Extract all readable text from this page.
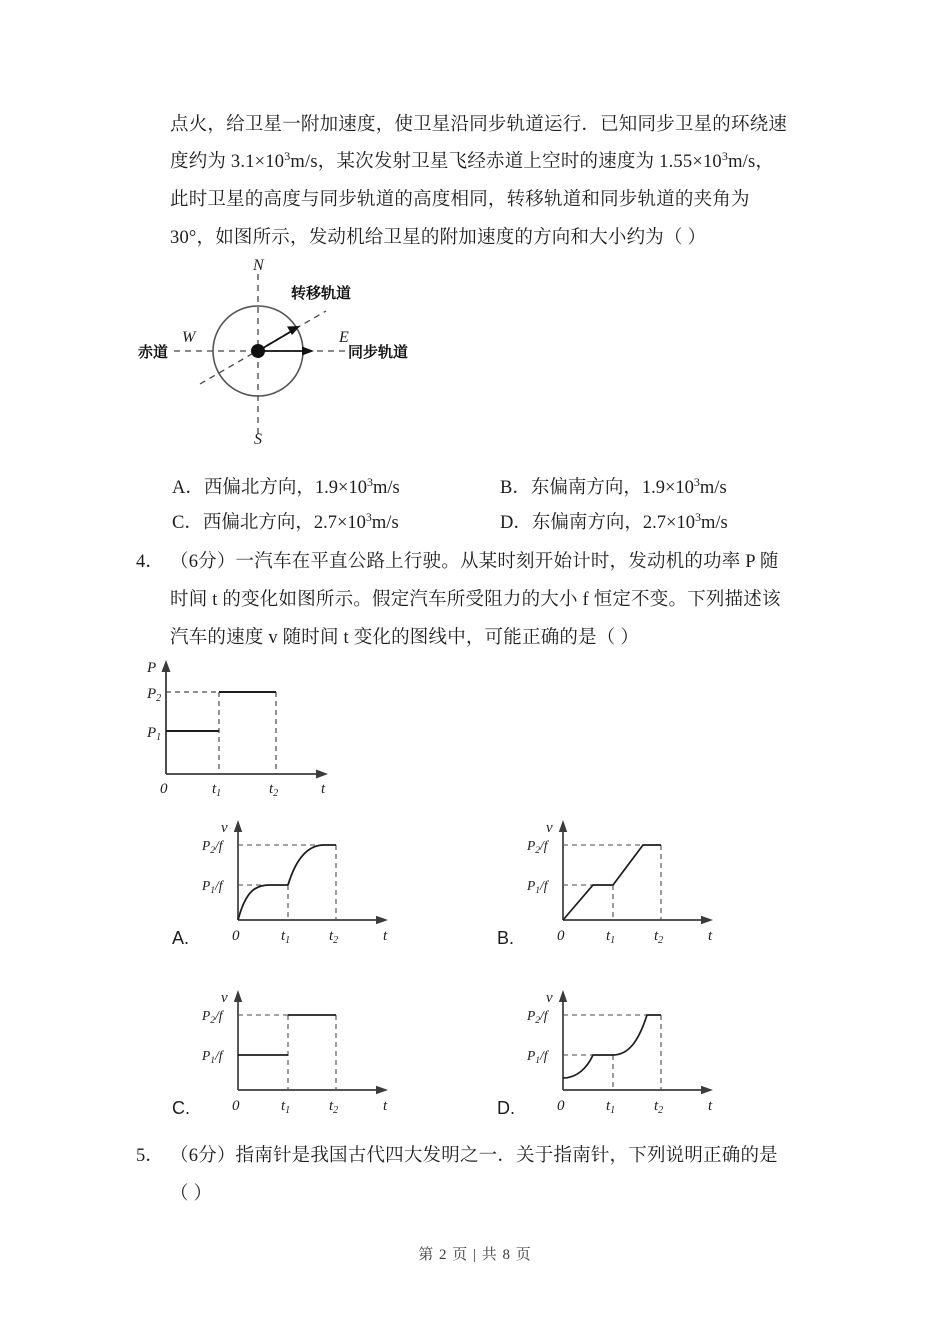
点火，给卫星一附加速度，使卫星沿同步轨道运行．已知同步卫星的环绕速
度约为 $3.1\times 10^3m/s$，某次发射卫星飞经赤道上空时的速度为 $1.55\times 10^3m/s$，
此时卫星的高度与同步轨道的高度相同，转移轨道和同步轨道的夹角为
30°，如图所示，发动机给卫星的附加速度的方向和大小约为（ ）
N
S
E
W
赤道
转移轨道
同步轨道
A．西偏北方向，$1.9\times 10^3m/s$	B．东偏南方向，$1.9\times 10^3m/s$
C．西偏北方向，$2.7\times 10^3m/s$	D．东偏南方向，$2.7\times 10^3m/s$
4． （6分）一汽车在平直公路上行驶。从某时刻开始计时，发动机的功率 P 随
时间 t 的变化如图所示。假定汽车所受阻力的大小 f 恒定不变。下列描述该
汽车的速度 v 随时间 t 变化的图线中，可能正确的是（ ）
$P_1$
$P_2$
0	$t_1$	$t_2$
P
t
A.
$P_2/f$
$P_1/f$
0	$t_1$	$t_2$
v
t	B.
$P_2/f$
$P_1/f$
0	$t_1$	$t_2$
v
t
C.
$P_2/f$
$P_1/f$
0	$t_1$	$t_2$
v
t	D.
$P_2/f$
$P_1/f$
0	$t_1$	$t_2$
v
t
5． （6分）指南针是我国古代四大发明之一．关于指南针，下列说明正确的是
（ ）
第 2 页 | 共 8 页
